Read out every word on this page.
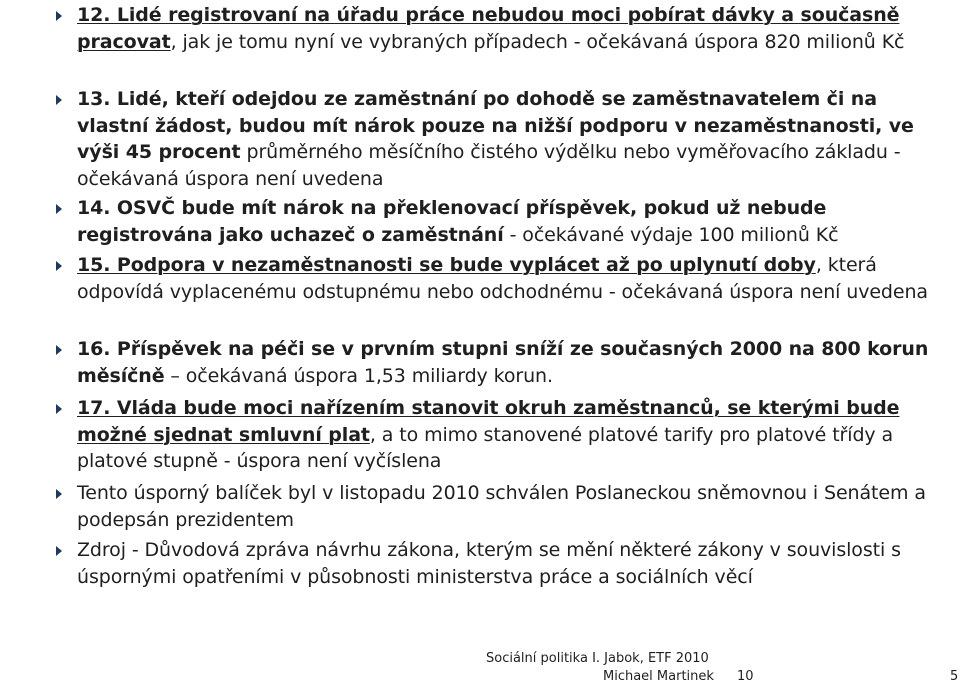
12. Lidé registrovaní na úřadu práce nebudou moci pobírat dávky a současně pracovat, jak je tomu nyní ve vybraných případech - očekávaná úspora 820 milionů Kč
13. Lidé, kteří odejdou ze zaměstnání po dohodě se zaměstnavatelem či na vlastní žádost, budou mít nárok pouze na nižší podporu v nezaměstnanosti, ve výši 45 procent průměrného měsíčního čistého výdělku nebo vyměřovacího základu - očekávaná úspora není uvedena
14. OSVČ bude mít nárok na překlenovací příspěvek, pokud už nebude registrována jako uchazeč o zaměstnání - očekávané výdaje 100 milionů Kč
15. Podpora v nezaměstnanosti se bude vyplácet až po uplynutí doby, která odpovídá vyplacenému odstupnému nebo odchodnému - očekávaná úspora není uvedena
16. Příspěvek na péči se v prvním stupni sníží ze současných 2000 na 800 korun měsíčně – očekávaná úspora 1,53 miliardy korun.
17. Vláda bude moci nařízením stanovit okruh zaměstnanců, se kterými bude možné sjednat smluvní plat, a to mimo stanovené platové tarify pro platové třídy a platové stupně - úspora není vyčíslena
Tento úsporný balíček byl v listopadu 2010 schválen Poslaneckou sněmovnou i Senátem a podepsán prezidentem
Zdroj - Důvodová zpráva návrhu zákona, kterým se mění některé zákony v souvislosti s úspornými opatřeními v působnosti ministerstva práce a sociálních věcí
Sociální politika I. Jabok, ETF 2010
Michael Martinek 10	5
